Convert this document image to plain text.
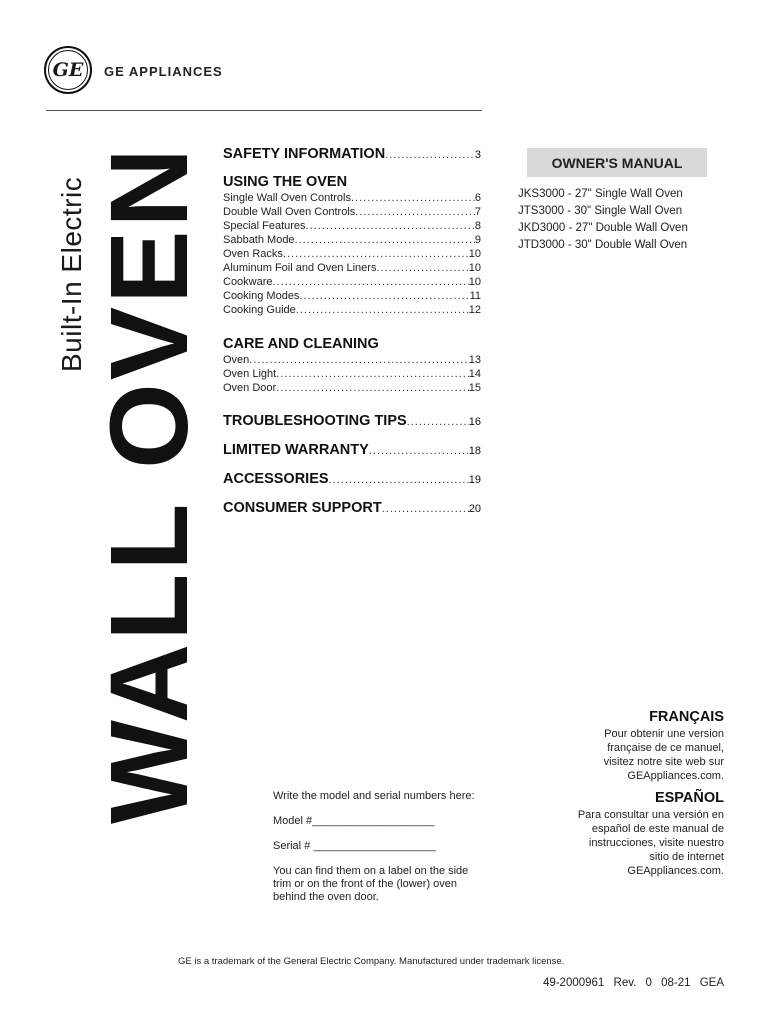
GE	GE APPLIANCES
Built-In Electric WALL OVEN SAFETY INFORMATION .....	3
USING THE OVEN
Single Wall Oven Controls .....	6
Double Wall Oven Controls .....	7
Special Features .....	8
Sabbath Mode .....	9
Oven Racks .....	10
Aluminum Foil and Oven Liners .....	10
Cookware .....	10
Cooking Modes .....	11
Cooking Guide .....	12
CARE AND CLEANING
Oven .....	13
Oven Light .....	14
Oven Door .....	15
TROUBLESHOOTING TIPS .....	16
LIMITED WARRANTY .....	18
ACCESSORIES .....	19
CONSUMER SUPPORT .....	20
OWNER'S MANUAL
JKS3000 - 27" Single Wall Oven
JTS3000 - 30" Single Wall Oven
JKD3000 - 27" Double Wall Oven
JTD3000 - 30" Double Wall Oven
FRANÇAIS
Pour obtenir une version
française de ce manuel,
visitez notre site web sur
GEAppliances.com.
ESPAÑOL
Para consultar una versión en
español de este manual de
instrucciones, visite nuestro
sitio de internet
GEAppliances.com.

Write the model and serial numbers here:

Model #____________________

Serial # ____________________

You can find them on a label on the side trim or on the front of the (lower) oven behind the oven door.

GE is a trademark of the General Electric Company. Manufactured under trademark license.
49-2000961 Rev. 0 08-21 GEA
